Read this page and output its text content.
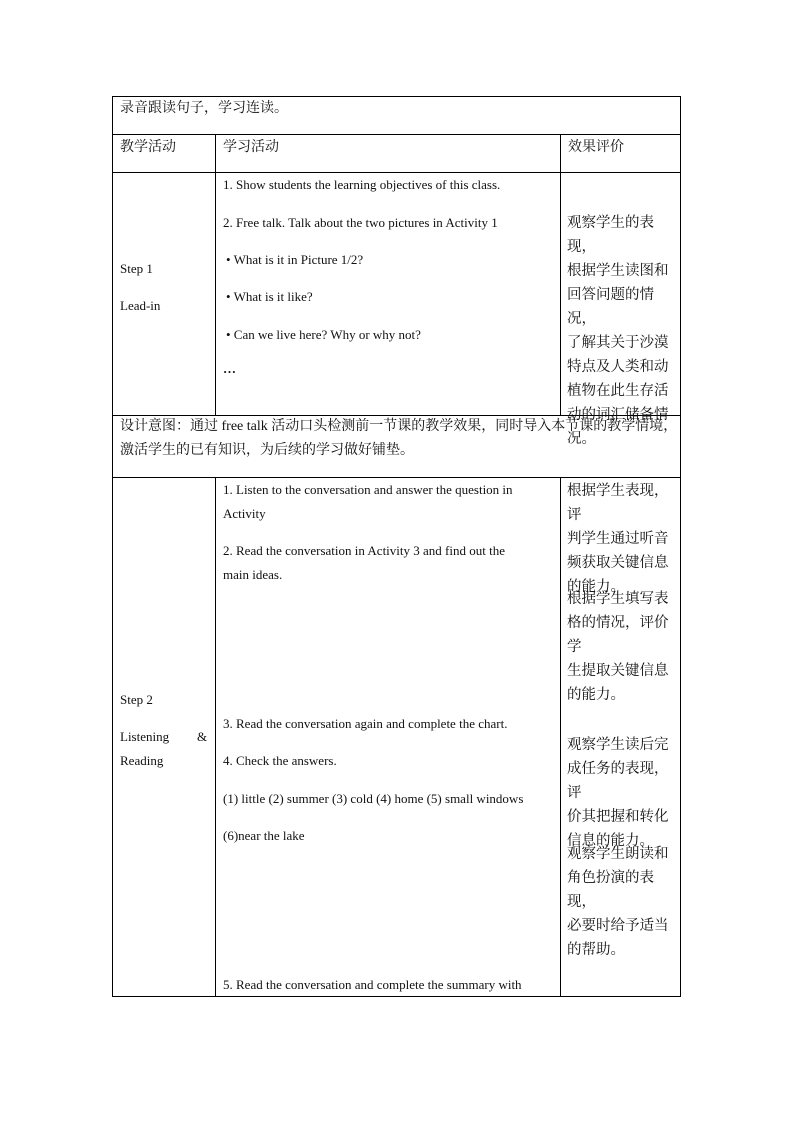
录音跟读句子，学习连读。
教学活动	学习活动	效果评价
Step 1
Lead-in
1. Show students the learning objectives of this class.
2. Free talk. Talk about the two pictures in Activity 1
• What is it in Picture 1/2?
• What is it like?
• Can we live here? Why or why not?
…
观察学生的表现，
根据学生读图和
回答问题的情况，
了解其关于沙漠
特点及人类和动
植物在此生存活
动的词汇储备情
况。
设计意图：通过 free talk 活动口头检测前一节课的教学效果，同时导入本节课的教学情境，
激活学生的已有知识，为后续的学习做好铺垫。
Step 2
Listening &
Reading
1. Listen to the conversation and answer the question in
Activity
2. Read the conversation in Activity 3 and find out the
main ideas.
3. Read the conversation again and complete the chart.
4. Check the answers.
(1) little (2) summer (3) cold (4) home (5) small windows
(6)near the lake
5. Read the conversation and complete the summary with
根据学生表现，评
判学生通过听音
频获取关键信息
的能力。
根据学生填写表
格的情况，评价学
生提取关键信息
的能力。
观察学生读后完
成任务的表现，评
价其把握和转化
信息的能力。
观察学生朗读和
角色扮演的表现，
必要时给予适当
的帮助。
